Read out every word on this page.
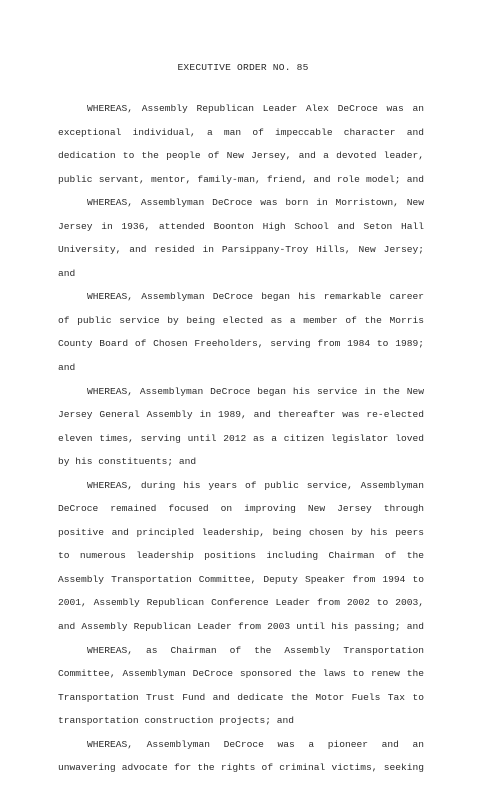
EXECUTIVE ORDER NO. 85
WHEREAS, Assembly Republican Leader Alex DeCroce was an
exceptional individual, a man of impeccable character and
dedication to the people of New Jersey, and a devoted leader,
public servant, mentor, family-man, friend, and role model; and
WHEREAS, Assemblyman DeCroce was born in Morristown, New
Jersey in 1936, attended Boonton High School and Seton Hall
University, and resided in Parsippany-Troy Hills, New Jersey;
and
WHEREAS, Assemblyman DeCroce began his remarkable career
of public service by being elected as a member of the Morris
County Board of Chosen Freeholders, serving from 1984 to 1989;
and
WHEREAS, Assemblyman DeCroce began his service in the New
Jersey General Assembly in 1989, and thereafter was re-elected
eleven times, serving until 2012 as a citizen legislator loved
by his constituents; and
WHEREAS, during his years of public service, Assemblyman
DeCroce remained focused on improving New Jersey through
positive and principled leadership, being chosen by his peers
to numerous leadership positions including Chairman of the
Assembly Transportation Committee, Deputy Speaker from 1994 to
2001, Assembly Republican Conference Leader from 2002 to 2003,
and Assembly Republican Leader from 2003 until his passing; and
WHEREAS, as Chairman of the Assembly Transportation
Committee, Assemblyman DeCroce sponsored the laws to renew the
Transportation Trust Fund and dedicate the Motor Fuels Tax to
transportation construction projects; and
WHEREAS, Assemblyman DeCroce was a pioneer and an
unwavering advocate for the rights of criminal victims, seeking
